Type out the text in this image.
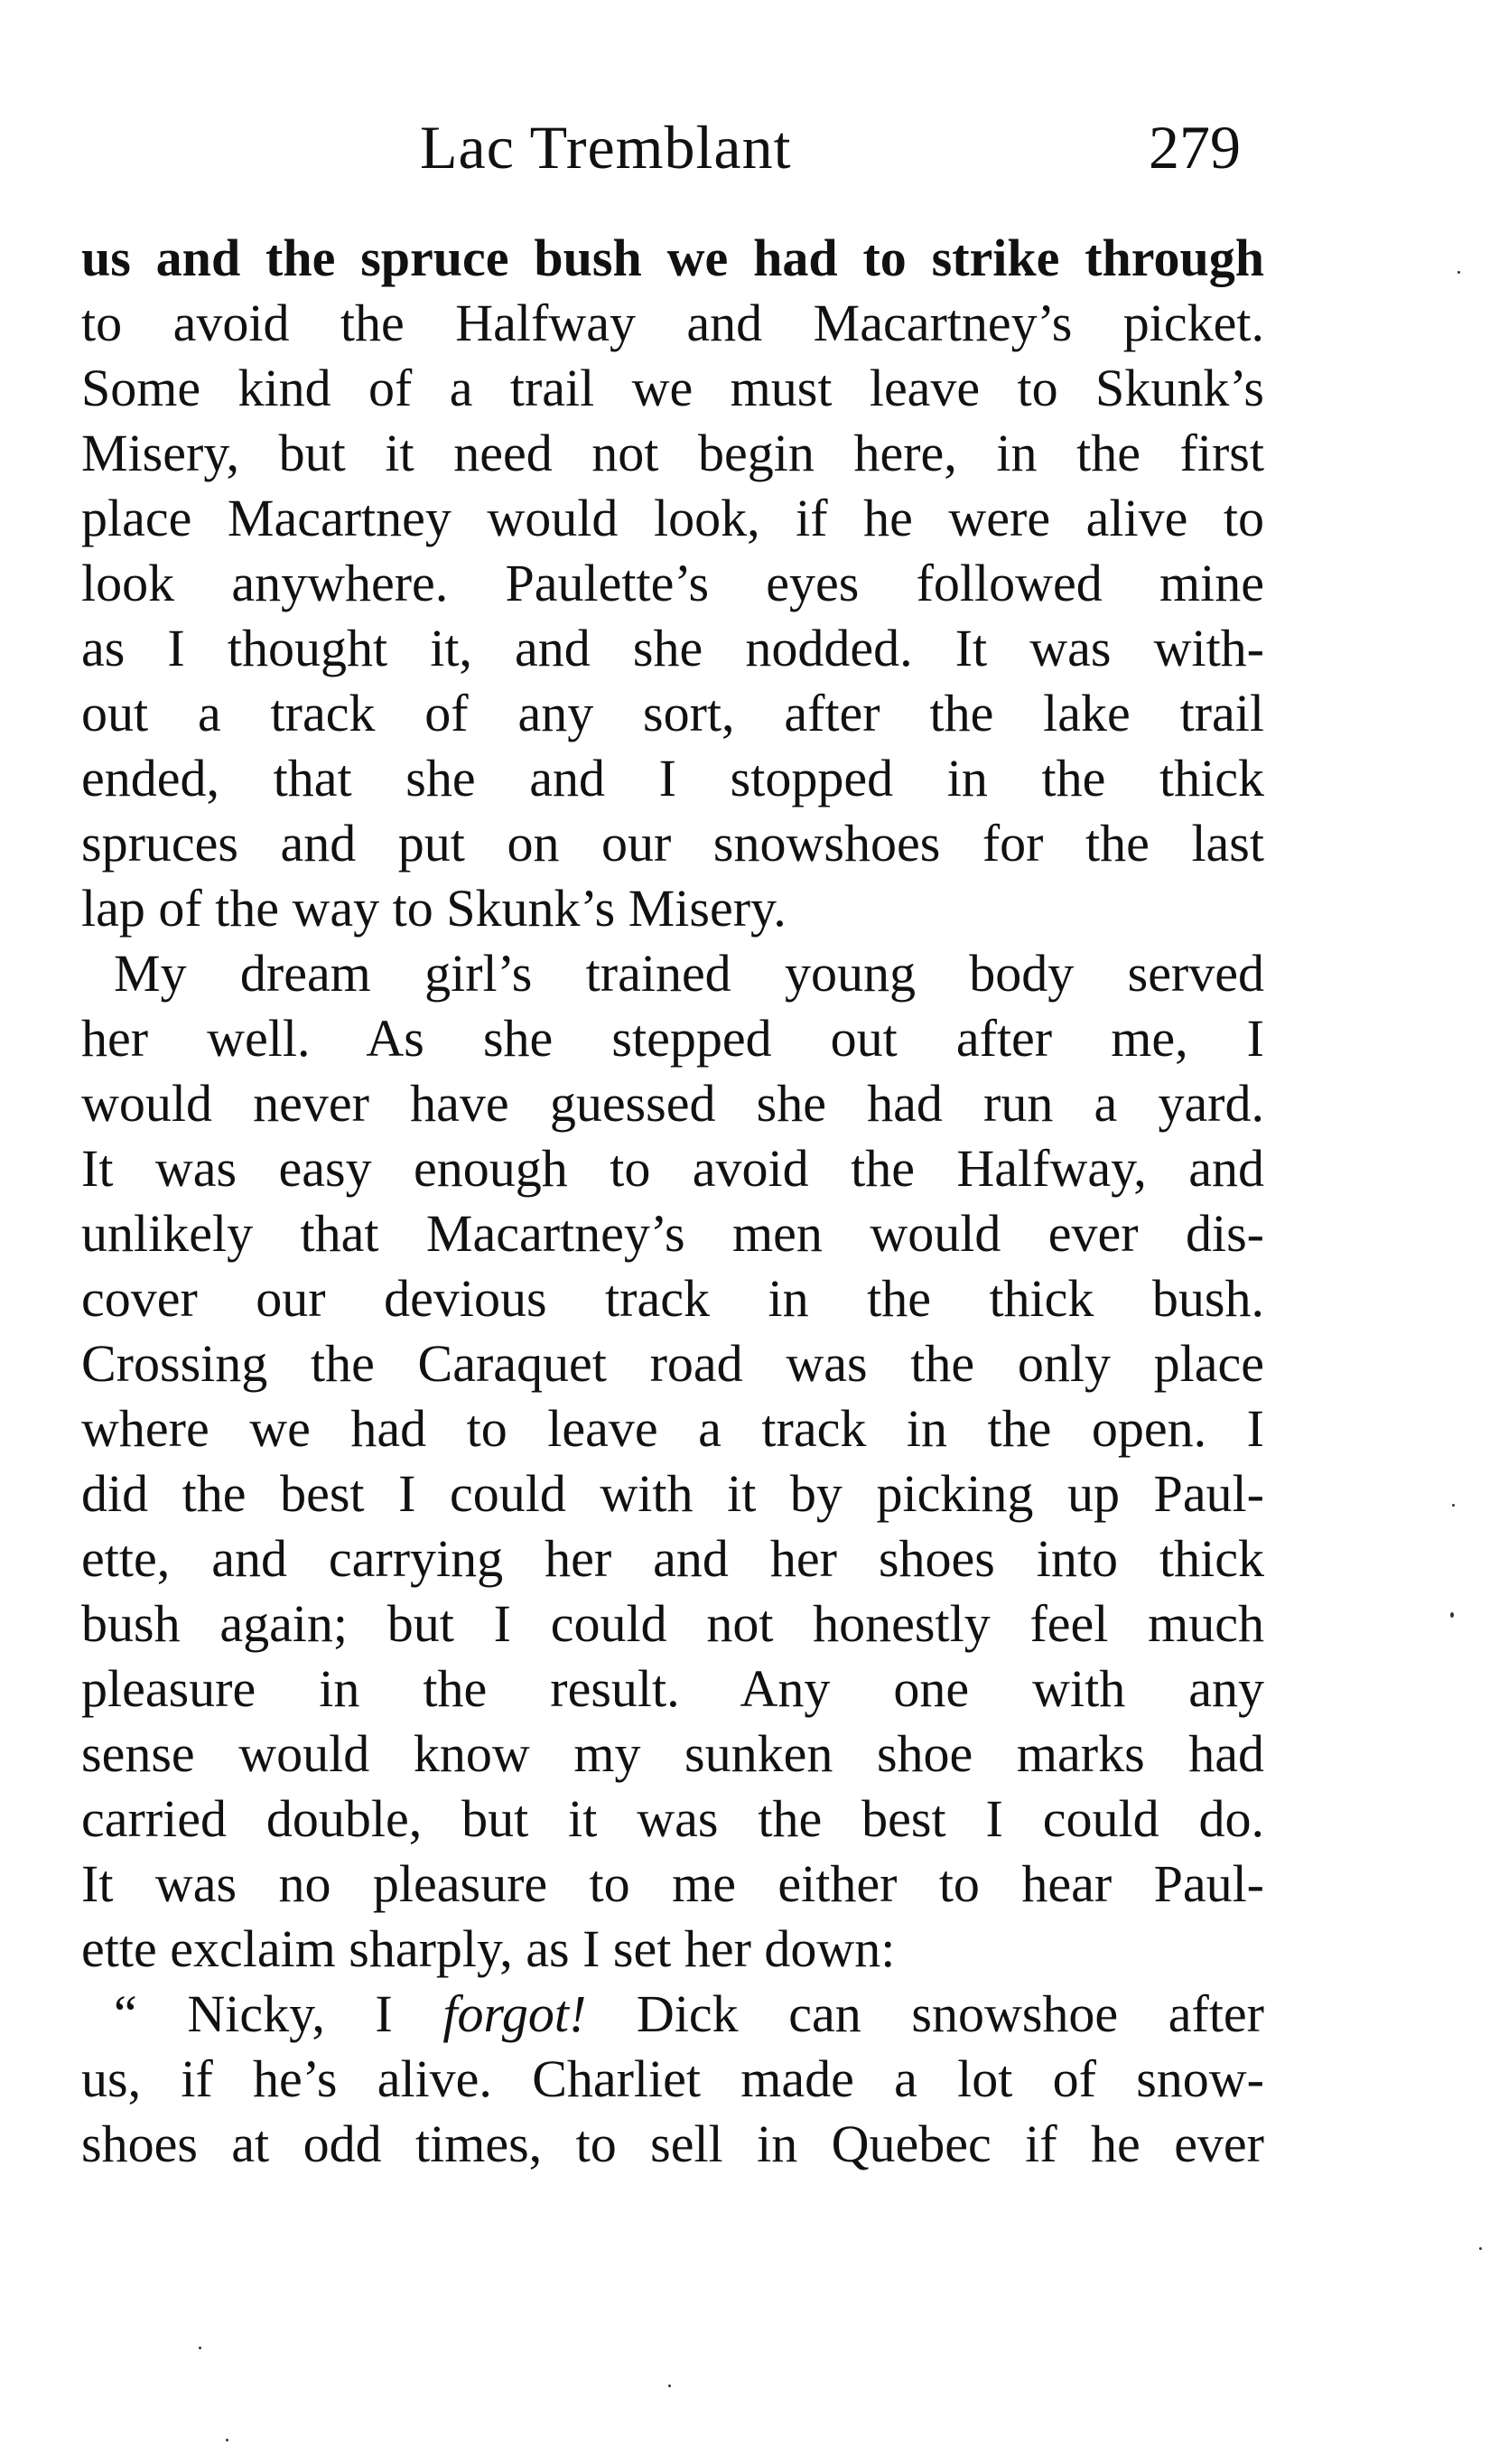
Lac Tremblant	279
us and the spruce bush we had to strike through
to avoid the Halfway and Macartney’s picket.
Some kind of a trail we must leave to Skunk’s
Misery, but it need not begin here, in the first
place Macartney would look, if he were alive to
look anywhere. Paulette’s eyes followed mine
as I thought it, and she nodded. It was with-
out a track of any sort, after the lake trail
ended, that she and I stopped in the thick
spruces and put on our snowshoes for the last
lap of the way to Skunk’s Misery.
My dream girl’s trained young body served
her well. As she stepped out after me, I
would never have guessed she had run a yard.
It was easy enough to avoid the Halfway, and
unlikely that Macartney’s men would ever dis-
cover our devious track in the thick bush.
Crossing the Caraquet road was the only place
where we had to leave a track in the open. I
did the best I could with it by picking up Paul-
ette, and carrying her and her shoes into thick
bush again; but I could not honestly feel much
pleasure in the result. Any one with any
sense would know my sunken shoe marks had
carried double, but it was the best I could do.
It was no pleasure to me either to hear Paul-
ette exclaim sharply, as I set her down:
“ Nicky, I forgot! Dick can snowshoe after
us, if he’s alive. Charliet made a lot of snow-
shoes at odd times, to sell in Quebec if he ever
